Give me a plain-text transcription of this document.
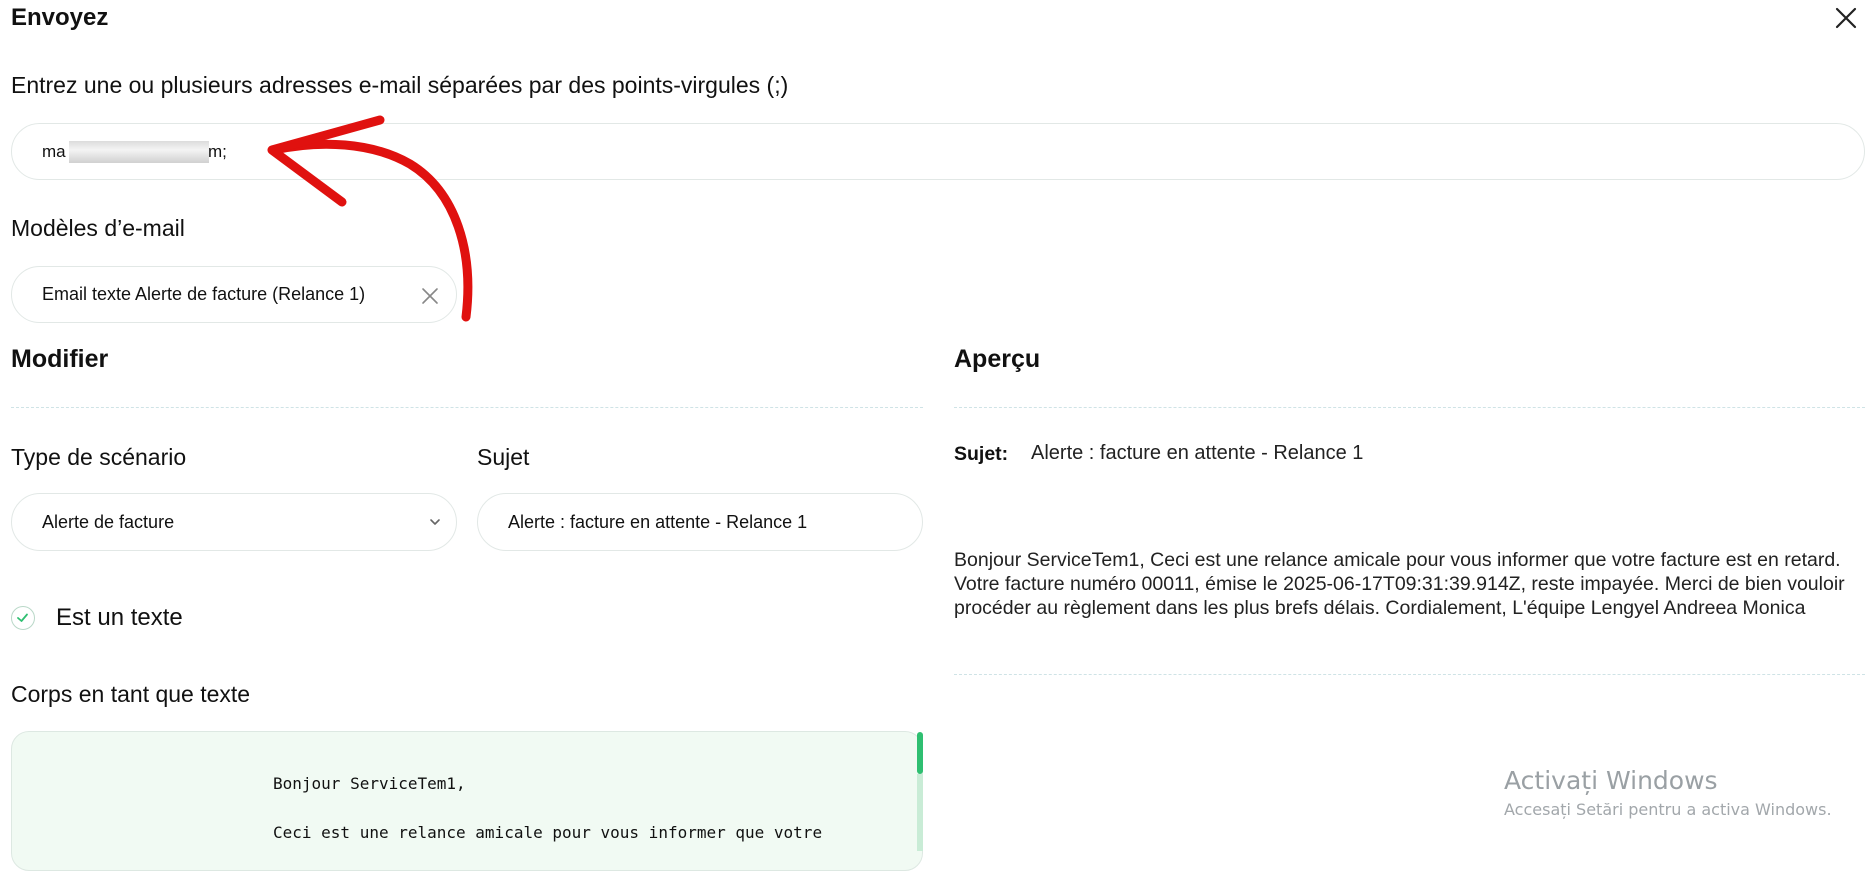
Envoyez
Entrez une ou plusieurs adresses e-mail séparées par des points-virgules (;)
ma	m;
Modèles d’e-mail
Email texte Alerte de facture (Relance 1)
Modifier
Type de scénario	Sujet
Alerte de facture	Alerte : facture en attente - Relance 1
Est un texte
Corps en tant que texte
Bonjour ServiceTem1,
Ceci est une relance amicale pour vous informer que votre
Aperçu
Sujet: Alerte : facture en attente - Relance 1
Bonjour ServiceTem1, Ceci est une relance amicale pour vous informer que votre facture est en retard. Votre facture numéro 00011, émise le 2025-06-17T09:31:39.914Z, reste impayée. Merci de bien vouloir procéder au règlement dans les plus brefs délais. Cordialement, L'équipe Lengyel Andreea Monica
Activați Windows
Accesați Setări pentru a activa Windows.
